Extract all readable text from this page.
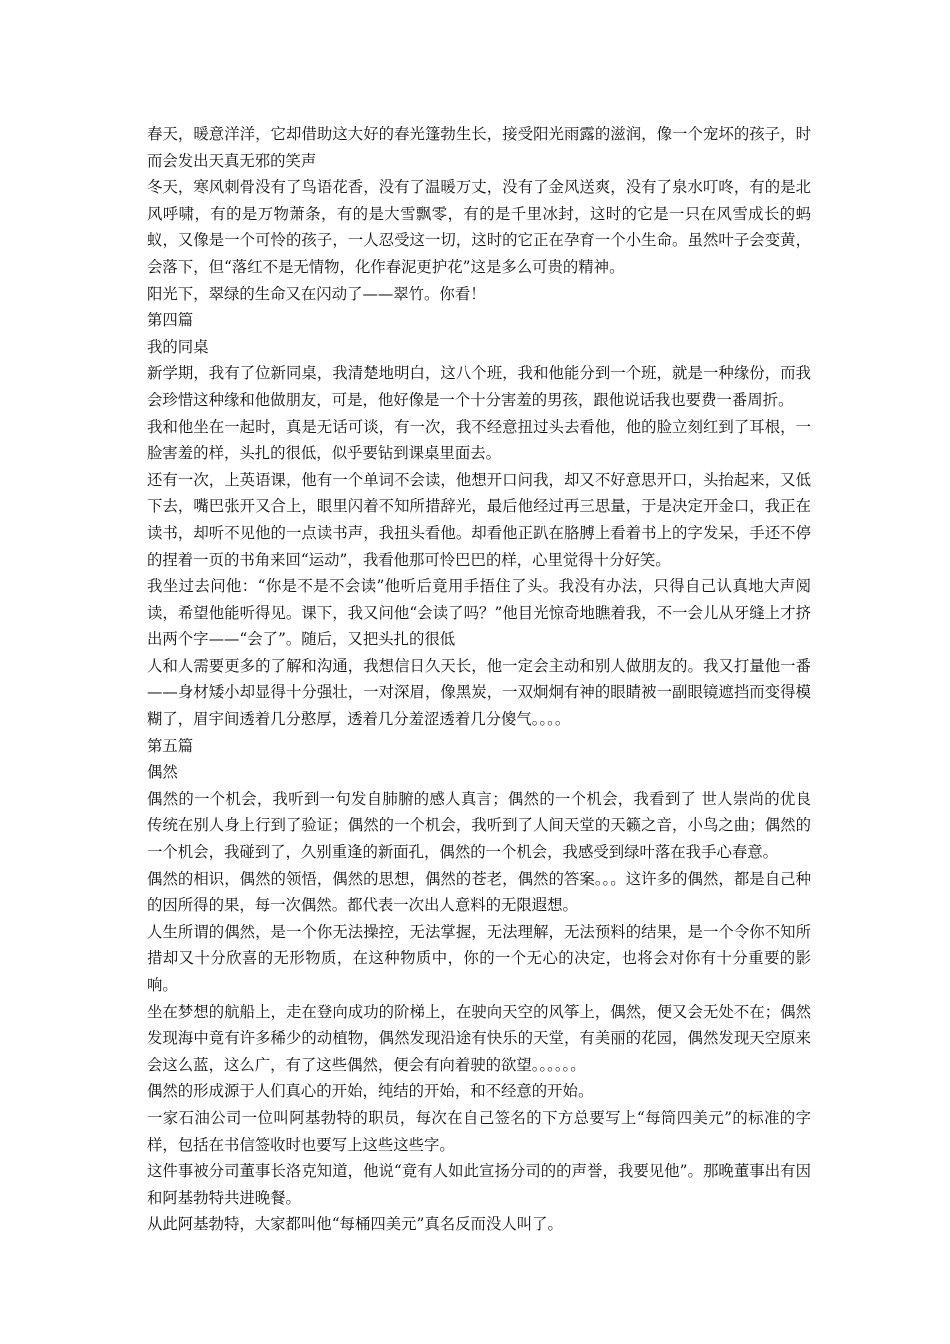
春天，暖意洋洋，它却借助这大好的春光篷勃生长，接受阳光雨露的滋润，像一个宠坏的孩子，时而会发出天真无邪的笑声

冬天，寒风刺骨没有了鸟语花香，没有了温暖万丈，没有了金风送爽，没有了泉水叮咚，有的是北风呼啸，有的是万物萧条，有的是大雪飘零，有的是千里冰封，这时的它是一只在风雪成长的蚂蚁，又像是一个可怜的孩子，一人忍受这一切，这时的它正在孕育一个小生命。虽然叶子会变黄，会落下，但“落红不是无情物，化作春泥更护花”这是多么可贵的精神。

阳光下，翠绿的生命又在闪动了——翠竹。你看！

第四篇

我的同桌

新学期，我有了位新同桌，我清楚地明白，这八个班，我和他能分到一个班，就是一种缘份，而我会珍惜这种缘和他做朋友，可是，他好像是一个十分害羞的男孩，跟他说话我也要费一番周折。

我和他坐在一起时，真是无话可谈，有一次，我不经意扭过头去看他，他的脸立刻红到了耳根，一脸害羞的样，头扎的很低，似乎要钻到课桌里面去。

还有一次，上英语课，他有一个单词不会读，他想开口问我，却又不好意思开口，头抬起来，又低下去，嘴巴张开又合上，眼里闪着不知所措辞光，最后他经过再三思量，于是决定开金口，我正在读书，却听不见他的一点读书声，我扭头看他。却看他正趴在胳膊上看着书上的字发呆，手还不停的捏着一页的书角来回“运动”，我看他那可怜巴巴的样，心里觉得十分好笑。

我坐过去问他：“你是不是不会读”他听后竟用手捂住了头。我没有办法，只得自己认真地大声阅读，希望他能听得见。课下，我又问他“会读了吗？”他目光惊奇地瞧着我，不一会儿从牙缝上才挤出两个字——“会了”。随后，又把头扎的很低

人和人需要更多的了解和沟通，我想信日久天长，他一定会主动和别人做朋友的。我又打量他一番——身材矮小却显得十分强壮，一对深眉，像黑炭，一双炯炯有神的眼睛被一副眼镜遮挡而变得模糊了，眉宇间透着几分憨厚，透着几分羞涩透着几分傻气。。。。

第五篇

偶然

偶然的一个机会，我听到一句发自肺腑的感人真言；偶然的一个机会，我看到了 世人崇尚的优良传统在别人身上行到了验证；偶然的一个机会，我听到了人间天堂的天籁之音，小鸟之曲；偶然的一个机会，我碰到了，久别重逢的新面孔，偶然的一个机会，我感受到绿叶落在我手心春意。

偶然的相识，偶然的领悟，偶然的思想，偶然的苍老，偶然的答案。。。这许多的偶然，都是自己种的因所得的果，每一次偶然。都代表一次出人意料的无限遐想。

人生所谓的偶然，是一个你无法操控，无法掌握，无法理解，无法预料的结果，是一个令你不知所措却又十分欣喜的无形物质，在这种物质中，你的一个无心的决定，也将会对你有十分重要的影响。

坐在梦想的航船上，走在登向成功的阶梯上，在驶向天空的风筝上，偶然，便又会无处不在；偶然发现海中竟有许多稀少的动植物，偶然发现沿途有快乐的天堂，有美丽的花园，偶然发现天空原来会这么蓝，这么广，有了这些偶然，便会有向着驶的欲望。。。。。。

偶然的形成源于人们真心的开始，纯结的开始，和不经意的开始。

一家石油公司一位叫阿基勃特的职员，每次在自己签名的下方总要写上“每筒四美元”的标准的字样，包括在书信签收时也要写上这些这些字。

这件事被分司董事长洛克知道，他说“竟有人如此宣扬分司的的声誉，我要见他”。那晚董事出有因和阿基勃特共进晚餐。

从此阿基勃特，大家都叫他“每桶四美元”真名反而没人叫了。
